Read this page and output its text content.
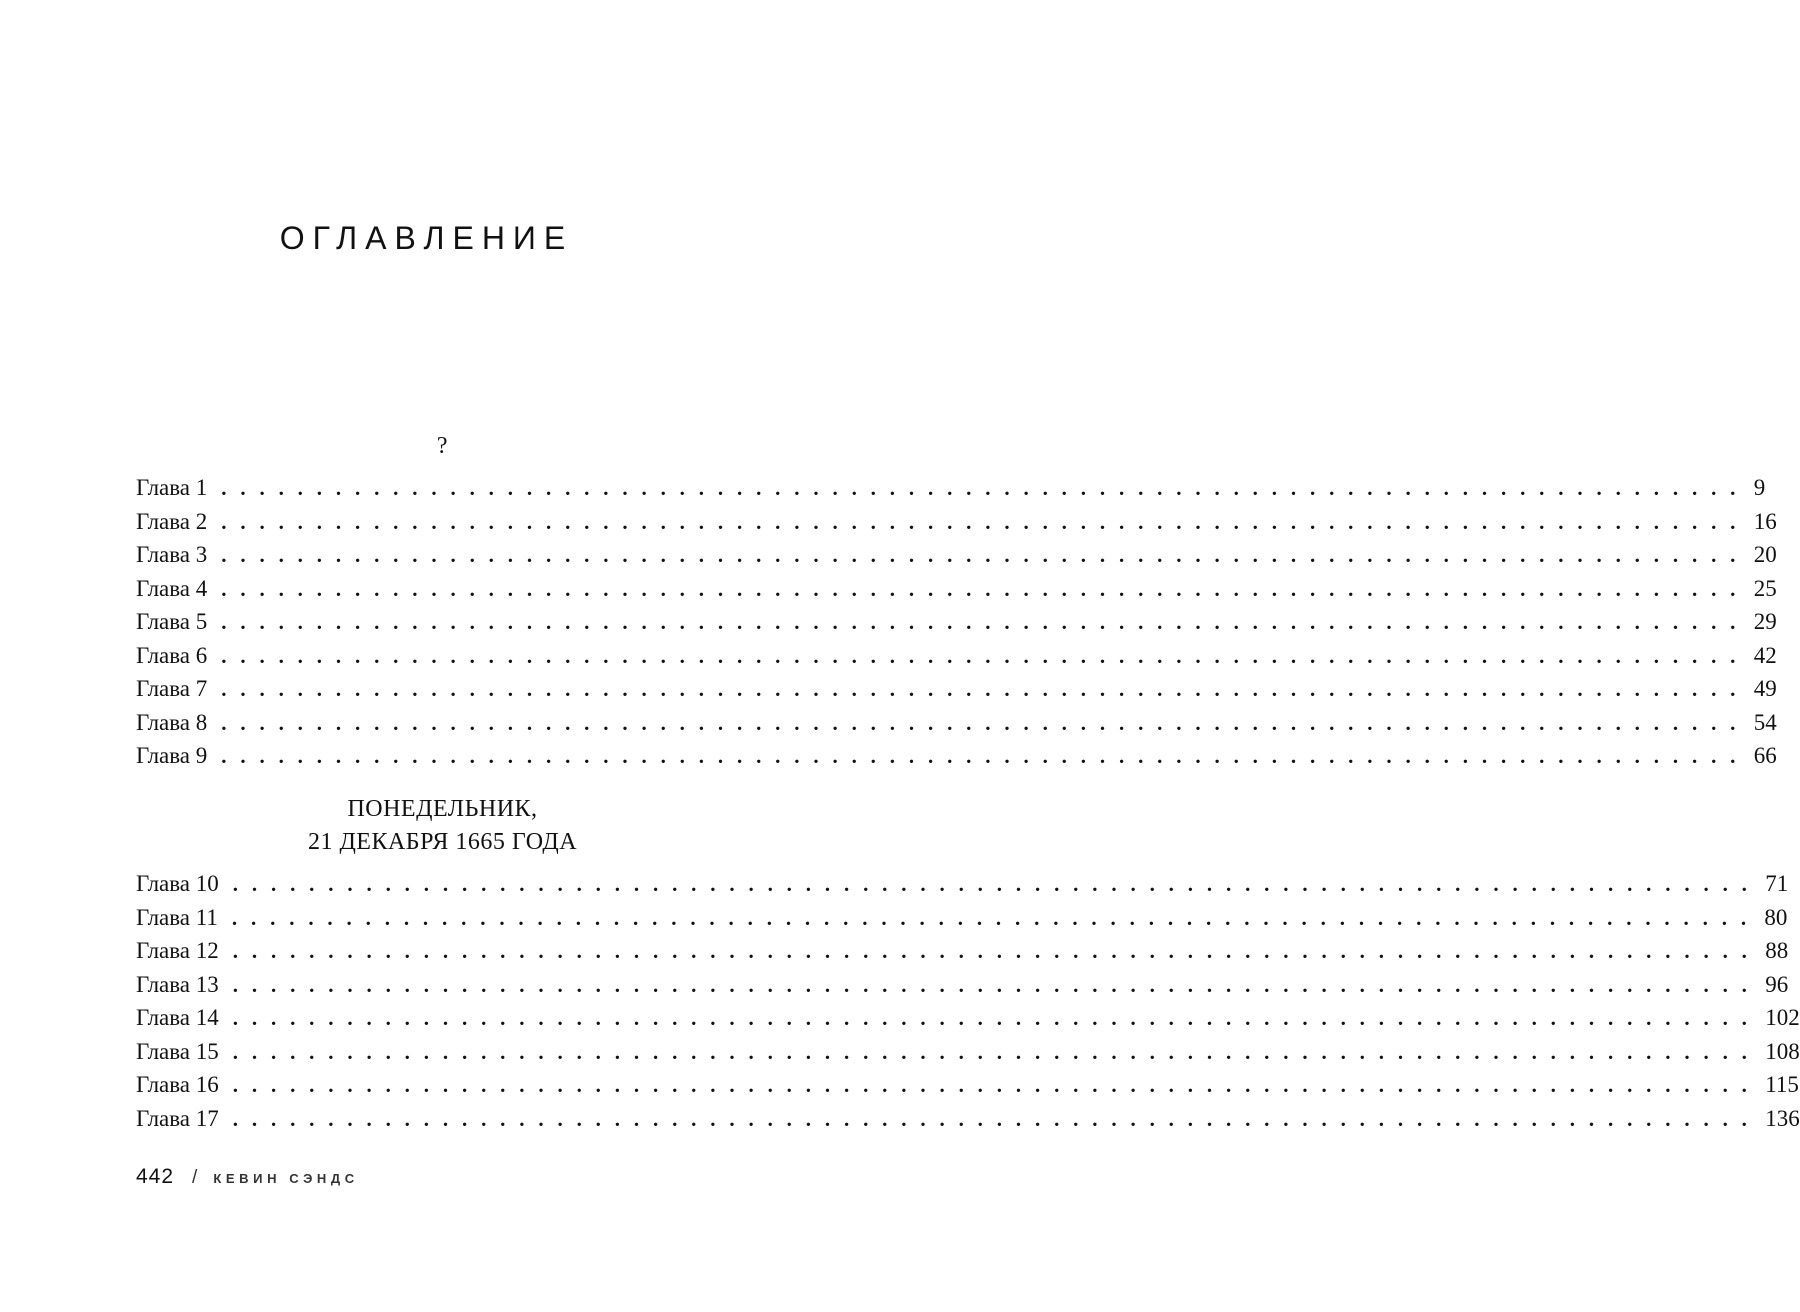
ОГЛАВЛЕНИЕ
?
Глава 1 . . . . . . . . . . . . . . . . . . . . . . . . . . . . . . . . . . . . . . . . . . . . . . . . . . . . . . . . . . . . . . . . . . . . . . . . . . . . . . . . 9
Глава 2 . . . . . . . . . . . . . . . . . . . . . . . . . . . . . . . . . . . . . . . . . . . . . . . . . . . . . . . . . . . . . . . . . . . . . . . . . . . . . . . . 16
Глава 3 . . . . . . . . . . . . . . . . . . . . . . . . . . . . . . . . . . . . . . . . . . . . . . . . . . . . . . . . . . . . . . . . . . . . . . . . . . . . . . . . 20
Глава 4 . . . . . . . . . . . . . . . . . . . . . . . . . . . . . . . . . . . . . . . . . . . . . . . . . . . . . . . . . . . . . . . . . . . . . . . . . . . . . . . . 25
Глава 5 . . . . . . . . . . . . . . . . . . . . . . . . . . . . . . . . . . . . . . . . . . . . . . . . . . . . . . . . . . . . . . . . . . . . . . . . . . . . . . . . 29
Глава 6 . . . . . . . . . . . . . . . . . . . . . . . . . . . . . . . . . . . . . . . . . . . . . . . . . . . . . . . . . . . . . . . . . . . . . . . . . . . . . . . . 42
Глава 7 . . . . . . . . . . . . . . . . . . . . . . . . . . . . . . . . . . . . . . . . . . . . . . . . . . . . . . . . . . . . . . . . . . . . . . . . . . . . . . . . 49
Глава 8 . . . . . . . . . . . . . . . . . . . . . . . . . . . . . . . . . . . . . . . . . . . . . . . . . . . . . . . . . . . . . . . . . . . . . . . . . . . . . . . . 54
Глава 9 . . . . . . . . . . . . . . . . . . . . . . . . . . . . . . . . . . . . . . . . . . . . . . . . . . . . . . . . . . . . . . . . . . . . . . . . . . . . . . . . 66
ПОНЕДЕЛЬНИК,
21 ДЕКАБРЯ 1665 ГОДА
Глава 10 . . . . . . . . . . . . . . . . . . . . . . . . . . . . . . . . . . . . . . . . . . . . . . . . . . . . . . . . . . . . . . . . . . . . . . . . . . . . . . . . 71
Глава 11 . . . . . . . . . . . . . . . . . . . . . . . . . . . . . . . . . . . . . . . . . . . . . . . . . . . . . . . . . . . . . . . . . . . . . . . . . . . . . . . . 80
Глава 12 . . . . . . . . . . . . . . . . . . . . . . . . . . . . . . . . . . . . . . . . . . . . . . . . . . . . . . . . . . . . . . . . . . . . . . . . . . . . . . . . 88
Глава 13 . . . . . . . . . . . . . . . . . . . . . . . . . . . . . . . . . . . . . . . . . . . . . . . . . . . . . . . . . . . . . . . . . . . . . . . . . . . . . . . . 96
Глава 14 . . . . . . . . . . . . . . . . . . . . . . . . . . . . . . . . . . . . . . . . . . . . . . . . . . . . . . . . . . . . . . . . . . . . . . . . . . . . . . . . 102
Глава 15 . . . . . . . . . . . . . . . . . . . . . . . . . . . . . . . . . . . . . . . . . . . . . . . . . . . . . . . . . . . . . . . . . . . . . . . . . . . . . . . . 108
Глава 16 . . . . . . . . . . . . . . . . . . . . . . . . . . . . . . . . . . . . . . . . . . . . . . . . . . . . . . . . . . . . . . . . . . . . . . . . . . . . . . . . 115
Глава 17 . . . . . . . . . . . . . . . . . . . . . . . . . . . . . . . . . . . . . . . . . . . . . . . . . . . . . . . . . . . . . . . . . . . . . . . . . . . . . . . . 136
442 / КЕВИН СЭНДС
